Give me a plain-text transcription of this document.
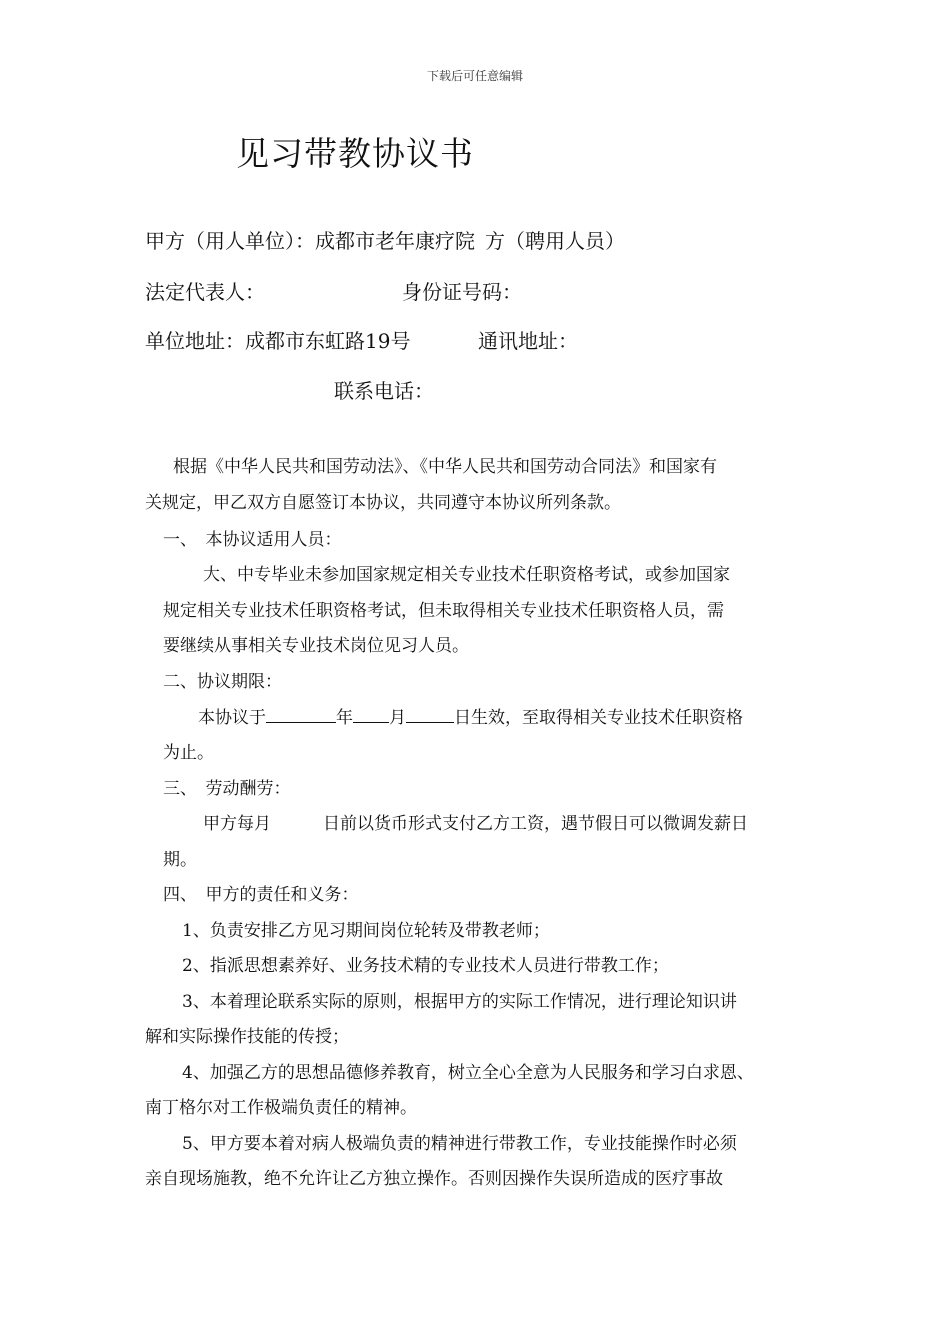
下载后可任意编辑
见习带教协议书
甲方（用人单位）：成都市老年康疗院 方（聘用人员）
法定代表人：	身份证号码：
单位地址：成都市东虹路19号	通讯地址：
联系电话：
根据《中华人民共和国劳动法》、《中华人民共和国劳动合同法》和国家有
关规定，甲乙双方自愿签订本协议，共同遵守本协议所列条款。
一、　本协议适用人员：
大、中专毕业未参加国家规定相关专业技术任职资格考试，或参加国家
规定相关专业技术任职资格考试，但未取得相关专业技术任职资格人员，需
要继续从事相关专业技术岗位见习人员。
二、协议期限：
本协议于	年 月	日生效，至取得相关专业技术任职资格
为止。
三、　劳动酬劳：
甲方每月	日前以货币形式支付乙方工资，遇节假日可以微调发薪日
期。
四、　甲方的责任和义务：
1、负责安排乙方见习期间岗位轮转及带教老师；
2、指派思想素养好、业务技术精的专业技术人员进行带教工作；
3、本着理论联系实际的原则，根据甲方的实际工作情况，进行理论知识讲
解和实际操作技能的传授；
4、加强乙方的思想品德修养教育，树立全心全意为人民服务和学习白求恩、
南丁格尔对工作极端负责任的精神。
5、甲方要本着对病人极端负责的精神进行带教工作，专业技能操作时必须
亲自现场施教，绝不允许让乙方独立操作。否则因操作失误所造成的医疗事故
